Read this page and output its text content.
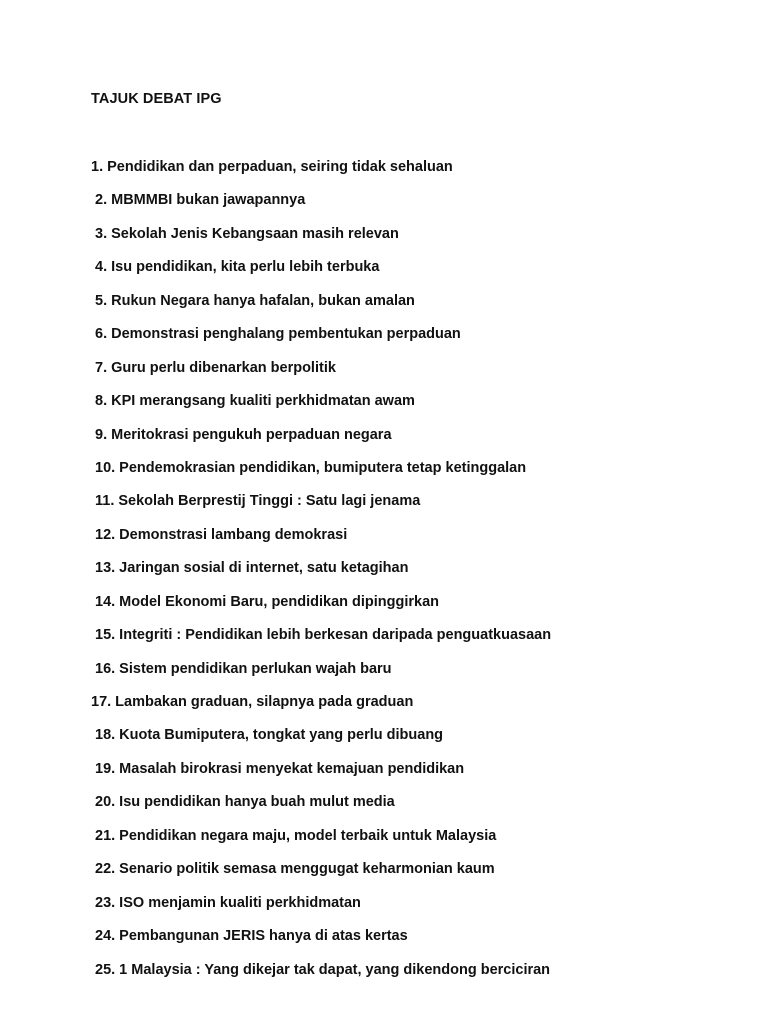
TAJUK DEBAT IPG
1. Pendidikan dan perpaduan, seiring tidak sehaluan
2. MBMMBI bukan jawapannya
3. Sekolah Jenis Kebangsaan masih relevan
4. Isu pendidikan, kita perlu lebih terbuka
5. Rukun Negara hanya hafalan, bukan amalan
6. Demonstrasi penghalang pembentukan perpaduan
7. Guru perlu dibenarkan berpolitik
8. KPI merangsang kualiti perkhidmatan awam
9. Meritokrasi pengukuh perpaduan negara
10. Pendemokrasian pendidikan, bumiputera tetap ketinggalan
11. Sekolah Berprestij Tinggi : Satu lagi jenama
12. Demonstrasi lambang demokrasi
13. Jaringan sosial di internet, satu ketagihan
14. Model Ekonomi Baru, pendidikan dipinggirkan
15. Integriti : Pendidikan lebih berkesan daripada penguatkuasaan
16. Sistem pendidikan perlukan wajah baru
17. Lambakan graduan, silapnya pada graduan
18. Kuota Bumiputera, tongkat yang perlu dibuang
19. Masalah birokrasi menyekat kemajuan pendidikan
20. Isu pendidikan hanya buah mulut media
21. Pendidikan negara maju, model terbaik untuk Malaysia
22. Senario politik semasa menggugat keharmonian kaum
23. ISO menjamin kualiti perkhidmatan
24. Pembangunan JERIS hanya di atas kertas
25. 1 Malaysia : Yang dikejar tak dapat, yang dikendong berciciran
